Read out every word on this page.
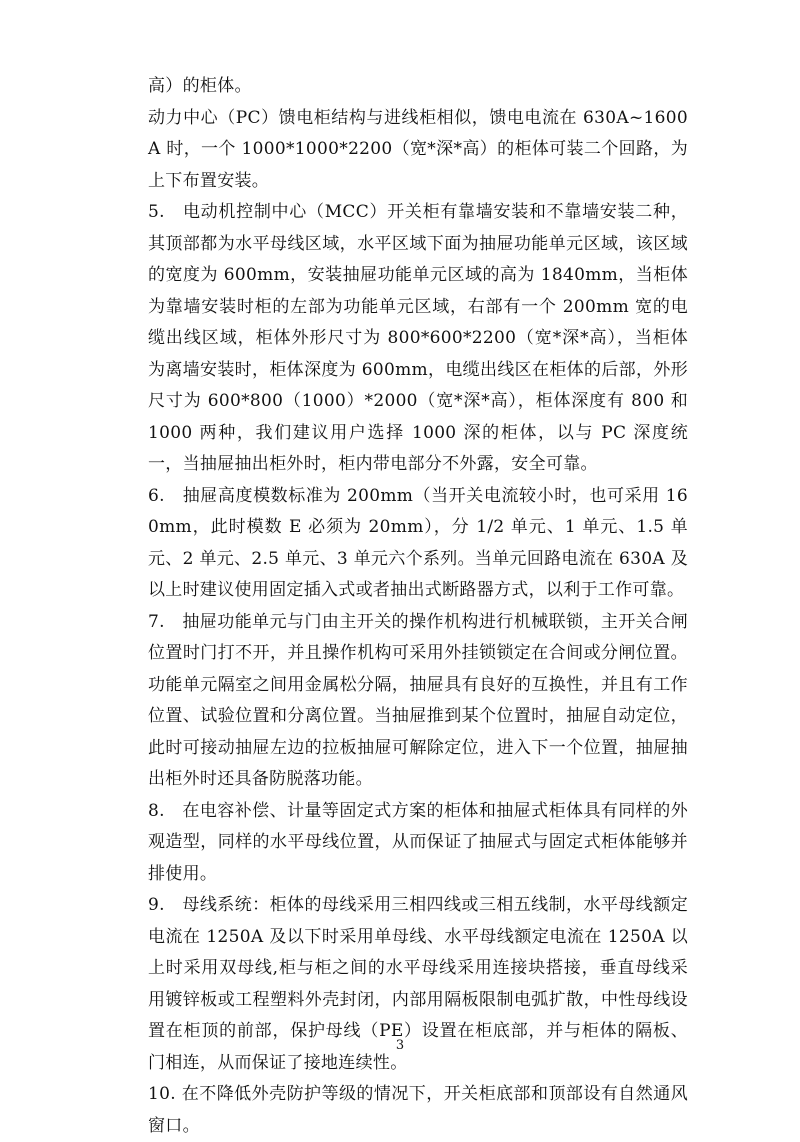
高）的柜体。

动力中心（PC）馈电柜结构与进线柜相似，馈电电流在 630A~1600A 时，一个 1000*1000*2200（宽*深*高）的柜体可装二个回路，为上下布置安装。

5.　电动机控制中心（MCC）开关柜有靠墙安装和不靠墙安装二种，其顶部都为水平母线区域，水平区域下面为抽屉功能单元区域，该区域的宽度为 600mm，安装抽屉功能单元区域的高为 1840mm，当柜体为靠墙安装时柜的左部为功能单元区域，右部有一个 200mm 宽的电缆出线区域，柜体外形尺寸为 800*600*2200（宽*深*高），当柜体为离墙安装时，柜体深度为 600mm，电缆出线区在柜体的后部，外形尺寸为 600*800（1000）*2000（宽*深*高），柜体深度有 800 和 1000 两种，我们建议用户选择 1000 深的柜体，以与 PC 深度统一，当抽屉抽出柜外时，柜内带电部分不外露，安全可靠。

6.　抽屉高度模数标准为 200mm（当开关电流较小时，也可采用 160mm，此时模数 E 必须为 20mm），分 1/2 单元、1 单元、1.5 单元、2 单元、2.5 单元、3 单元六个系列。当单元回路电流在 630A 及以上时建议使用固定插入式或者抽出式断路器方式，以利于工作可靠。

7.　抽屉功能单元与门由主开关的操作机构进行机械联锁，主开关合闸位置时门打不开，并且操作机构可采用外挂锁锁定在合间或分闸位置。功能单元隔室之间用金属松分隔，抽屉具有良好的互换性，并且有工作位置、试验位置和分离位置。当抽屉推到某个位置时，抽屉自动定位，此时可接动抽屉左边的拉板抽屉可解除定位，进入下一个位置，抽屉抽出柜外时还具备防脱落功能。

8.　在电容补偿、计量等固定式方案的柜体和抽屉式柜体具有同样的外观造型，同样的水平母线位置，从而保证了抽屉式与固定式柜体能够并排使用。

9.　母线系统：柜体的母线采用三相四线或三相五线制，水平母线额定电流在 1250A 及以下时采用单母线、水平母线额定电流在 1250A 以上时采用双母线,柜与柜之间的水平母线采用连接块搭接，垂直母线采用镀锌板或工程塑料外壳封闭，内部用隔板限制电弧扩散，中性母线设置在柜顶的前部，保护母线（PE）设置在柜底部，并与柜体的隔板、门相连，从而保证了接地连续性。

10. 在不降低外壳防护等级的情况下，开关柜底部和顶部设有自然通风窗口。

3
